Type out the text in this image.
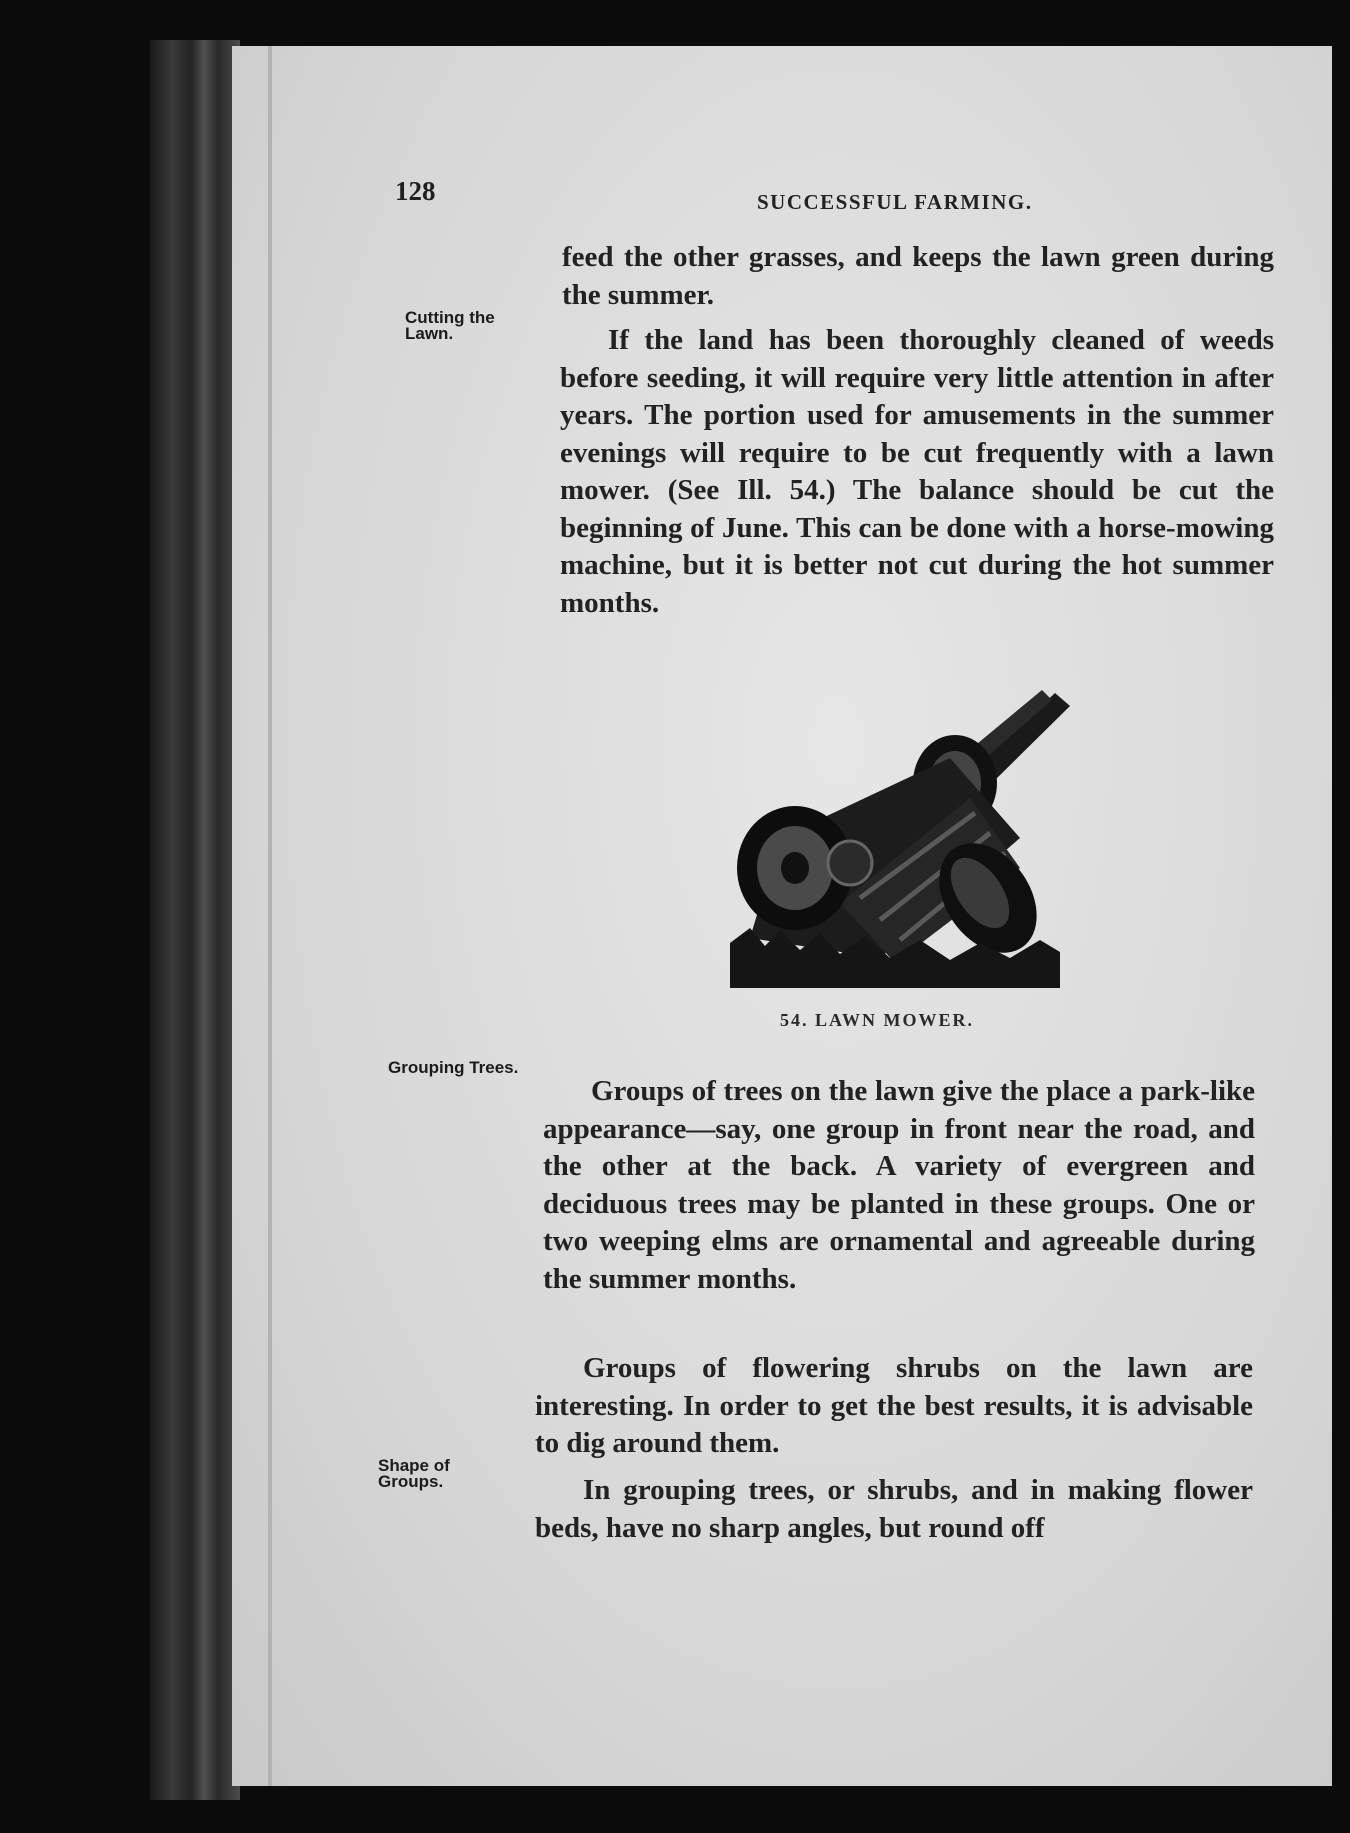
128	SUCCESSFUL FARMING.
Cutting the Lawn.
Grouping Trees.
Shape of Groups.

feed the other grasses, and keeps the lawn green during the summer.

If the land has been thoroughly cleaned of weeds before seeding, it will require very little attention in after years. The portion used for amusements in the summer evenings will require to be cut frequently with a lawn mower. (See Ill. 54.) The balance should be cut the beginning of June. This can be done with a horse-mowing machine, but it is better not cut during the hot summer months.

54. LAWN MOWER.

Groups of trees on the lawn give the place a park-like appearance—say, one group in front near the road, and the other at the back. A variety of evergreen and deciduous trees may be planted in these groups. One or two weeping elms are ornamental and agreeable during the summer months.

Groups of flowering shrubs on the lawn are interesting. In order to get the best results, it is advisable to dig around them.

In grouping trees, or shrubs, and in making flower beds, have no sharp angles, but round off
